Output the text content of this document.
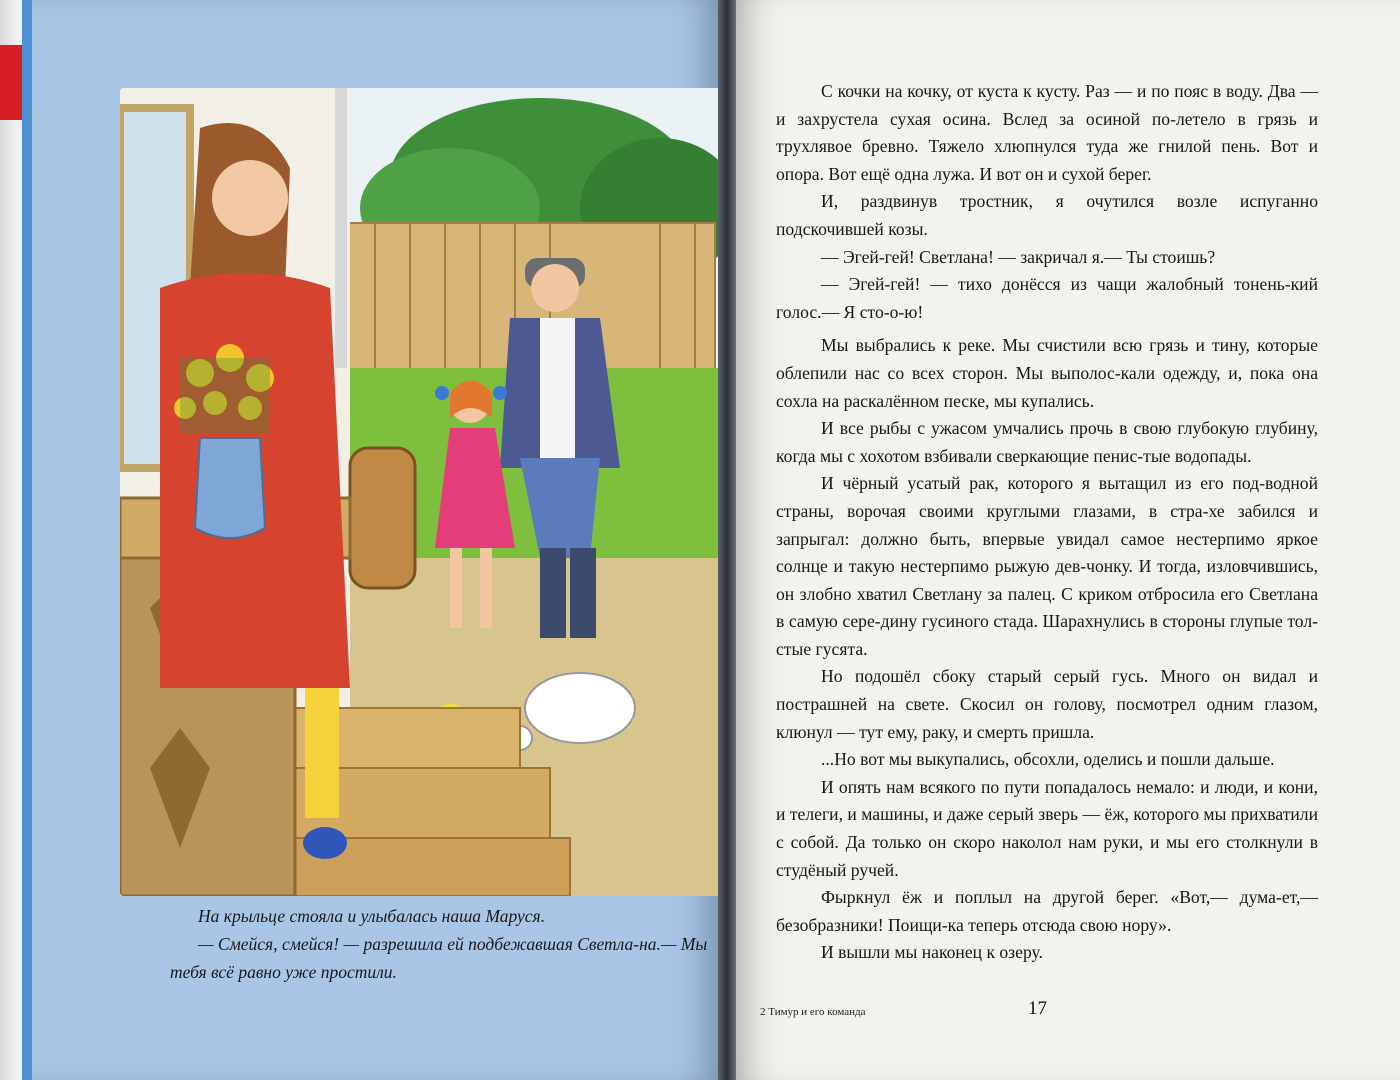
На крыльце стояла и улыбалась наша Маруся.

— Смейся, смейся! — разрешила ей подбежавшая Светла-на.— Мы тебя всё равно уже простили.

С кочки на кочку, от куста к кусту. Раз — и по пояс в воду. Два — и захрустела сухая осина. Вслед за осиной по-летело в грязь и трухлявое бревно. Тяжело хлюпнулся туда же гнилой пень. Вот и опора. Вот ещё одна лужа. И вот он и сухой берег.

И, раздвинув тростник, я очутился возле испуганно подскочившей козы.

— Эгей-гей! Светлана! — закричал я.— Ты стоишь?

— Эгей-гей! — тихо донёсся из чащи жалобный тонень-кий голос.— Я сто-о-ю!

Мы выбрались к реке. Мы счистили всю грязь и тину, которые облепили нас со всех сторон. Мы выполос-кали одежду, и, пока она сохла на раскалённом песке, мы купались.

И все рыбы с ужасом умчались прочь в свою глубокую глубину, когда мы с хохотом взбивали сверкающие пенис-тые водопады.

И чёрный усатый рак, которого я вытащил из его под-водной страны, ворочая своими круглыми глазами, в стра-хе забился и запрыгал: должно быть, впервые увидал самое нестерпимо яркое солнце и такую нестерпимо рыжую дев-чонку. И тогда, изловчившись, он злобно хватил Светлану за палец. С криком отбросила его Светлана в самую сере-дину гусиного стада. Шарахнулись в стороны глупые тол-стые гусята.

Но подошёл сбоку старый серый гусь. Много он видал и пострашней на свете. Скосил он голову, посмотрел одним глазом, клюнул — тут ему, раку, и смерть пришла.

...Но вот мы выкупались, обсохли, оделись и пошли дальше.

И опять нам всякого по пути попадалось немало: и люди, и кони, и телеги, и машины, и даже серый зверь — ёж, которого мы прихватили с собой. Да только он скоро наколол нам руки, и мы его столкнули в студёный ручей.

Фыркнул ёж и поплыл на другой берег. «Вот,— дума-ет,— безобразники! Поищи-ка теперь отсюда свою нору».

И вышли мы наконец к озеру.

2 Тимур и его команда	17
